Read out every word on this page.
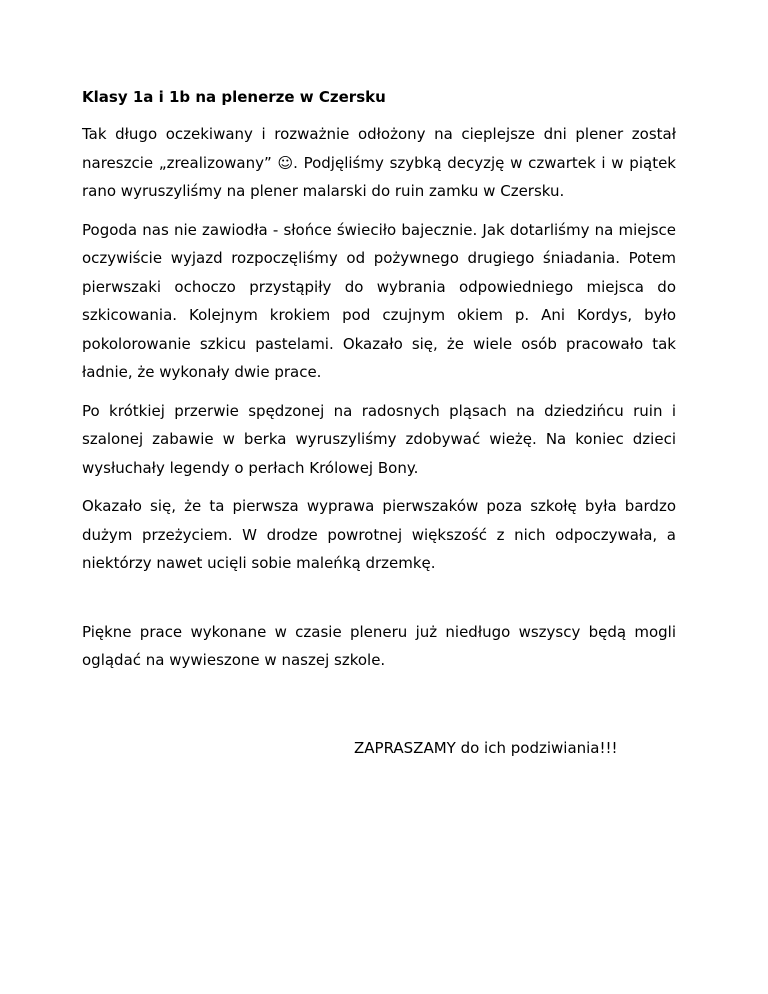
Klasy 1a i 1b na plenerze w Czersku

Tak długo oczekiwany i rozważnie odłożony na cieplejsze dni plener został nareszcie „zrealizowany” ☺. Podjęliśmy szybką decyzję w czwartek i w piątek rano wyruszyliśmy na plener malarski do ruin zamku w Czersku.

Pogoda nas nie zawiodła - słońce świeciło bajecznie. Jak dotarliśmy na miejsce oczywiście wyjazd rozpoczęliśmy od pożywnego drugiego śniadania. Potem pierwszaki ochoczo przystąpiły do wybrania odpowiedniego miejsca do szkicowania. Kolejnym krokiem pod czujnym okiem p. Ani Kordys, było pokolorowanie szkicu pastelami. Okazało się, że wiele osób pracowało tak ładnie, że wykonały dwie prace.

Po krótkiej przerwie spędzonej na radosnych pląsach na dziedzińcu ruin i szalonej zabawie w berka wyruszyliśmy zdobywać wieżę. Na koniec dzieci wysłuchały legendy o perłach Królowej Bony.

Okazało się, że ta pierwsza wyprawa pierwszaków poza szkołę była bardzo dużym przeżyciem. W drodze powrotnej większość z nich odpoczywała, a niektórzy nawet ucięli sobie maleńką drzemkę.

Piękne prace wykonane w czasie pleneru już niedługo wszyscy będą mogli oglądać na wywieszone w naszej szkole.

ZAPRASZAMY do ich podziwiania!!!
